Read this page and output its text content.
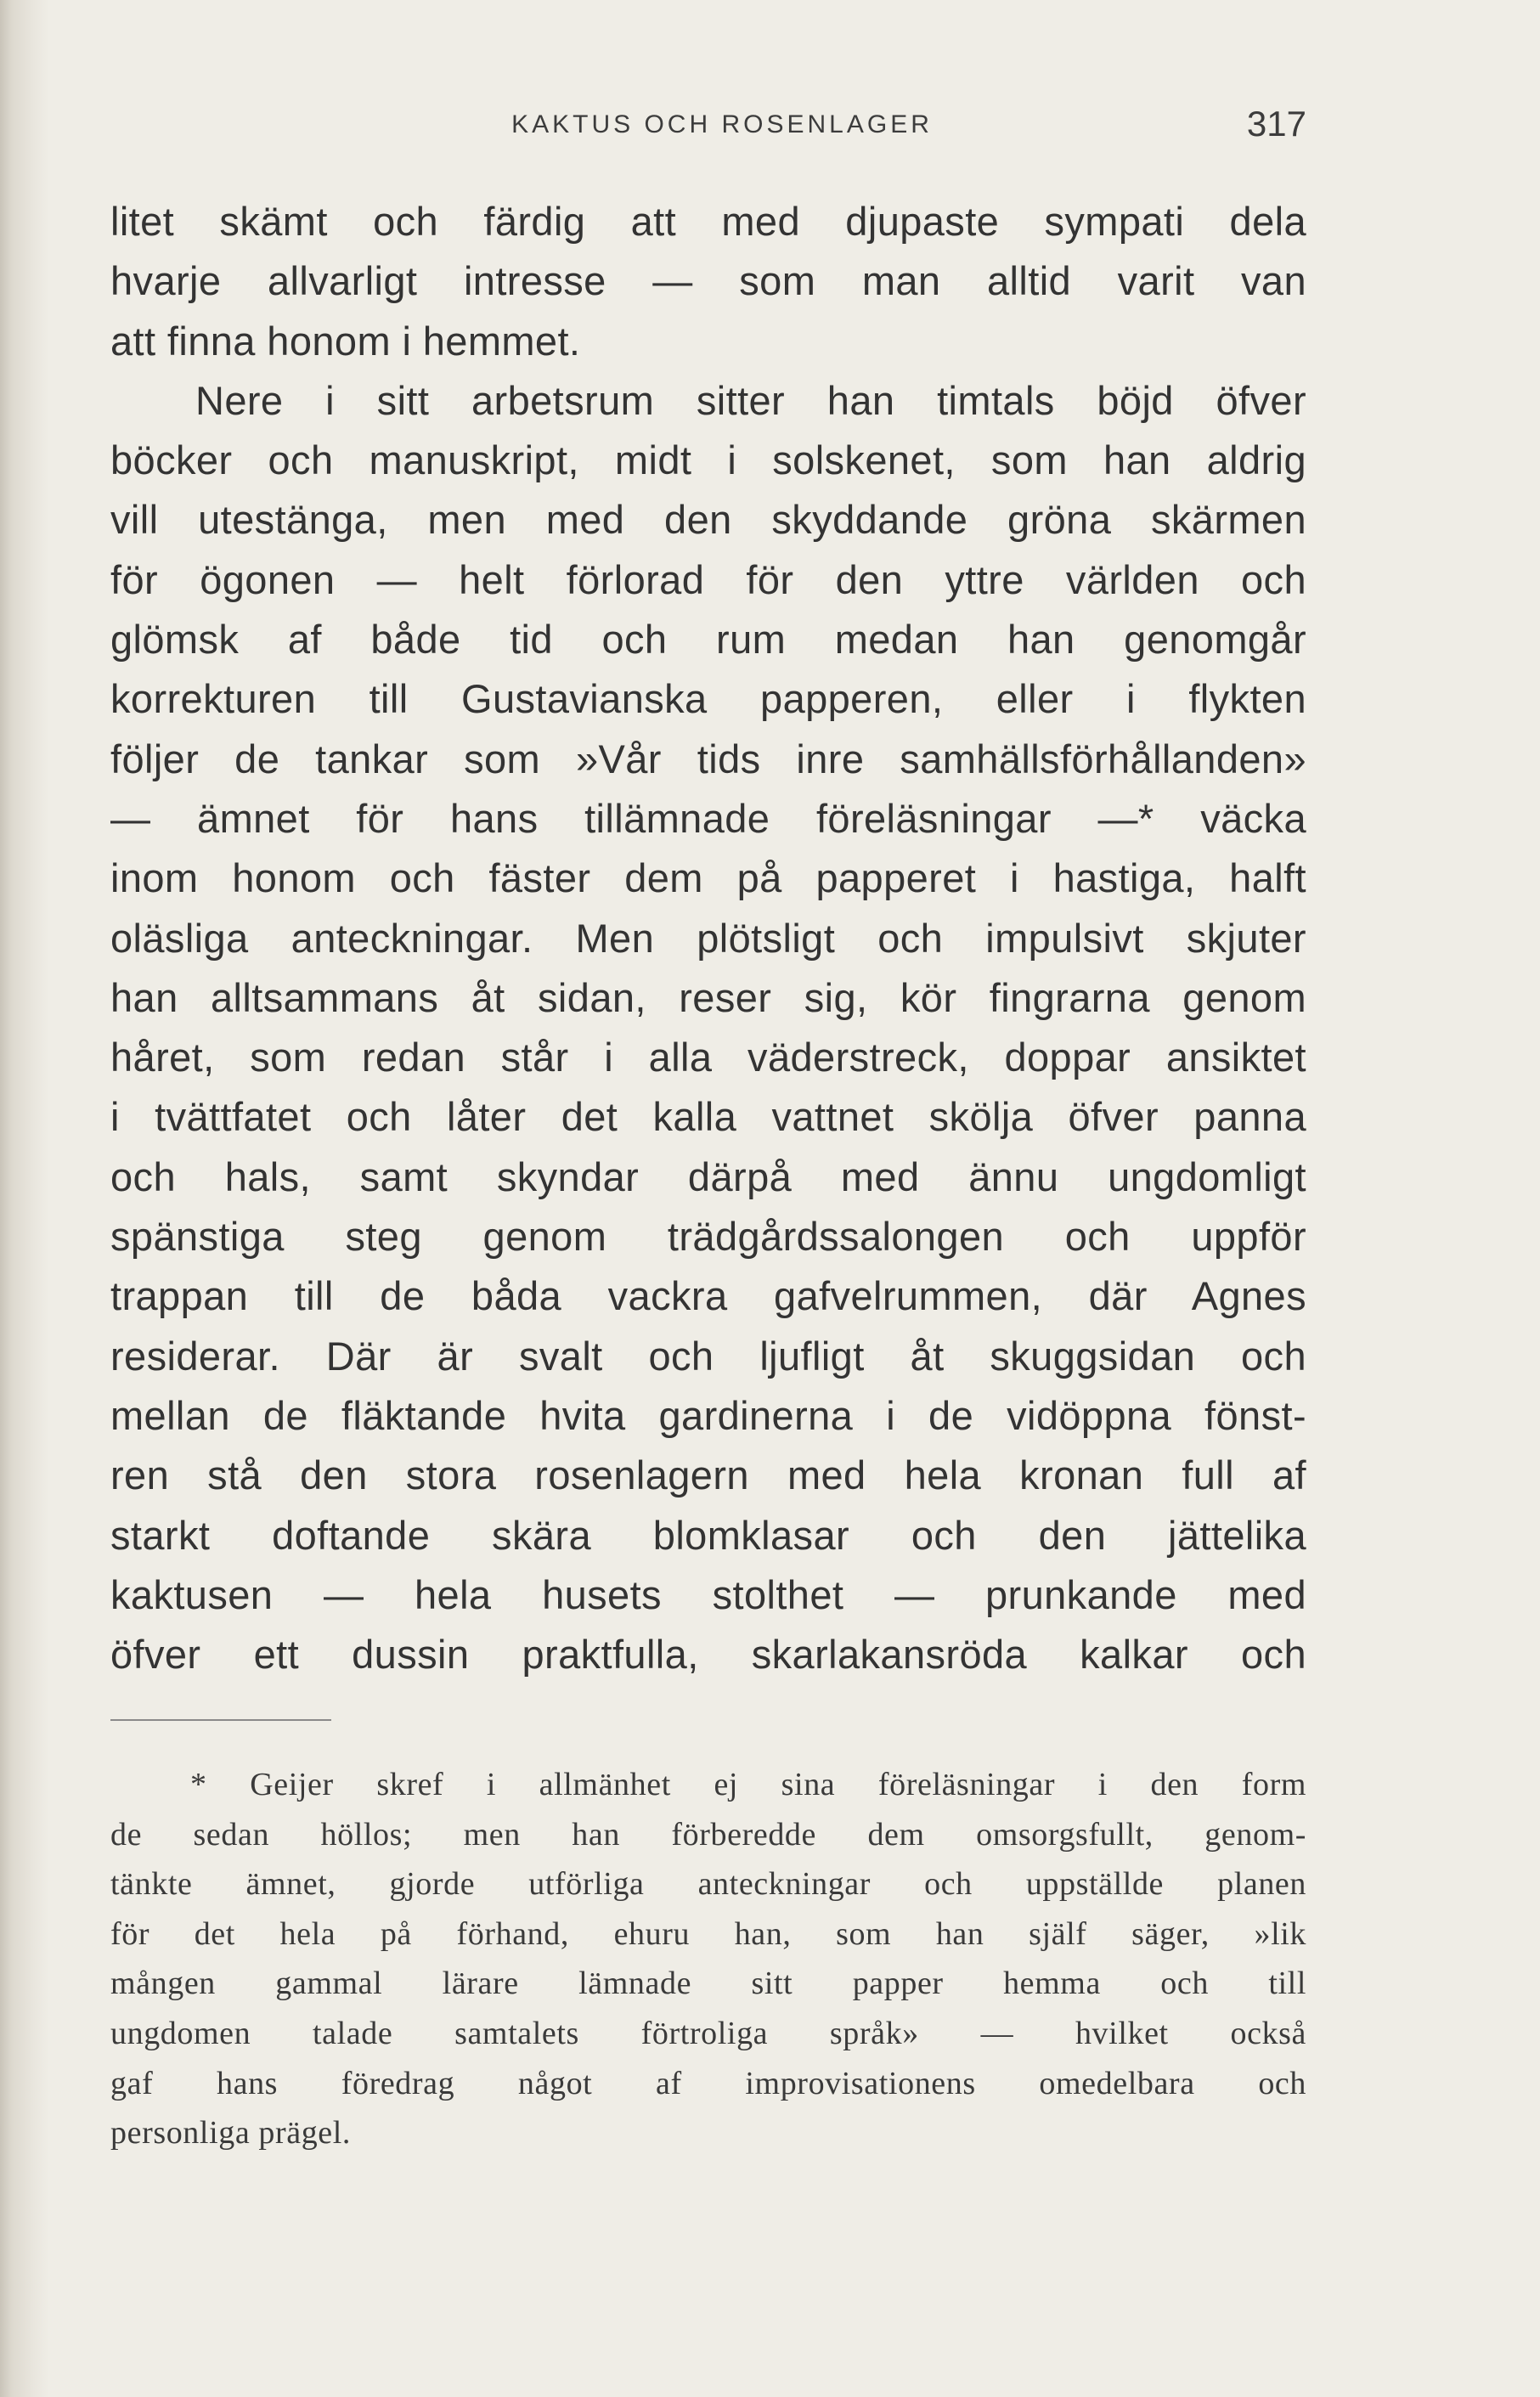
KAKTUS OCH ROSENLAGER	317
litet skämt och färdig att med djupaste sympati dela
hvarje allvarligt intresse — som man alltid varit van
att finna honom i hemmet.
Nere i sitt arbetsrum sitter han timtals böjd öfver
böcker och manuskript, midt i solskenet, som han aldrig
vill utestänga, men med den skyddande gröna skärmen
för ögonen — helt förlorad för den yttre världen och
glömsk af både tid och rum medan han genomgår
korrekturen till Gustavianska papperen, eller i flykten
följer de tankar som »Vår tids inre samhällsförhållanden»
— ämnet för hans tillämnade föreläsningar —* väcka
inom honom och fäster dem på papperet i hastiga, halft
oläsliga anteckningar. Men plötsligt och impulsivt skjuter
han alltsammans åt sidan, reser sig, kör fingrarna genom
håret, som redan står i alla väderstreck, doppar ansiktet
i tvättfatet och låter det kalla vattnet skölja öfver panna
och hals, samt skyndar därpå med ännu ungdomligt
spänstiga steg genom trädgårdssalongen och uppför
trappan till de båda vackra gafvelrummen, där Agnes
residerar. Där är svalt och ljufligt åt skuggsidan och
mellan de fläktande hvita gardinerna i de vidöppna fönst-
ren stå den stora rosenlagern med hela kronan full af
starkt doftande skära blomklasar och den jättelika
kaktusen — hela husets stolthet — prunkande med
öfver ett dussin praktfulla, skarlakansröda kalkar och
* Geijer skref i allmänhet ej sina föreläsningar i den form
de sedan höllos; men han förberedde dem omsorgsfullt, genom-
tänkte ämnet, gjorde utförliga anteckningar och uppställde planen
för det hela på förhand, ehuru han, som han själf säger, »lik
mången gammal lärare lämnade sitt papper hemma och till
ungdomen talade samtalets förtroliga språk» — hvilket också
gaf hans föredrag något af improvisationens omedelbara och
personliga prägel.
